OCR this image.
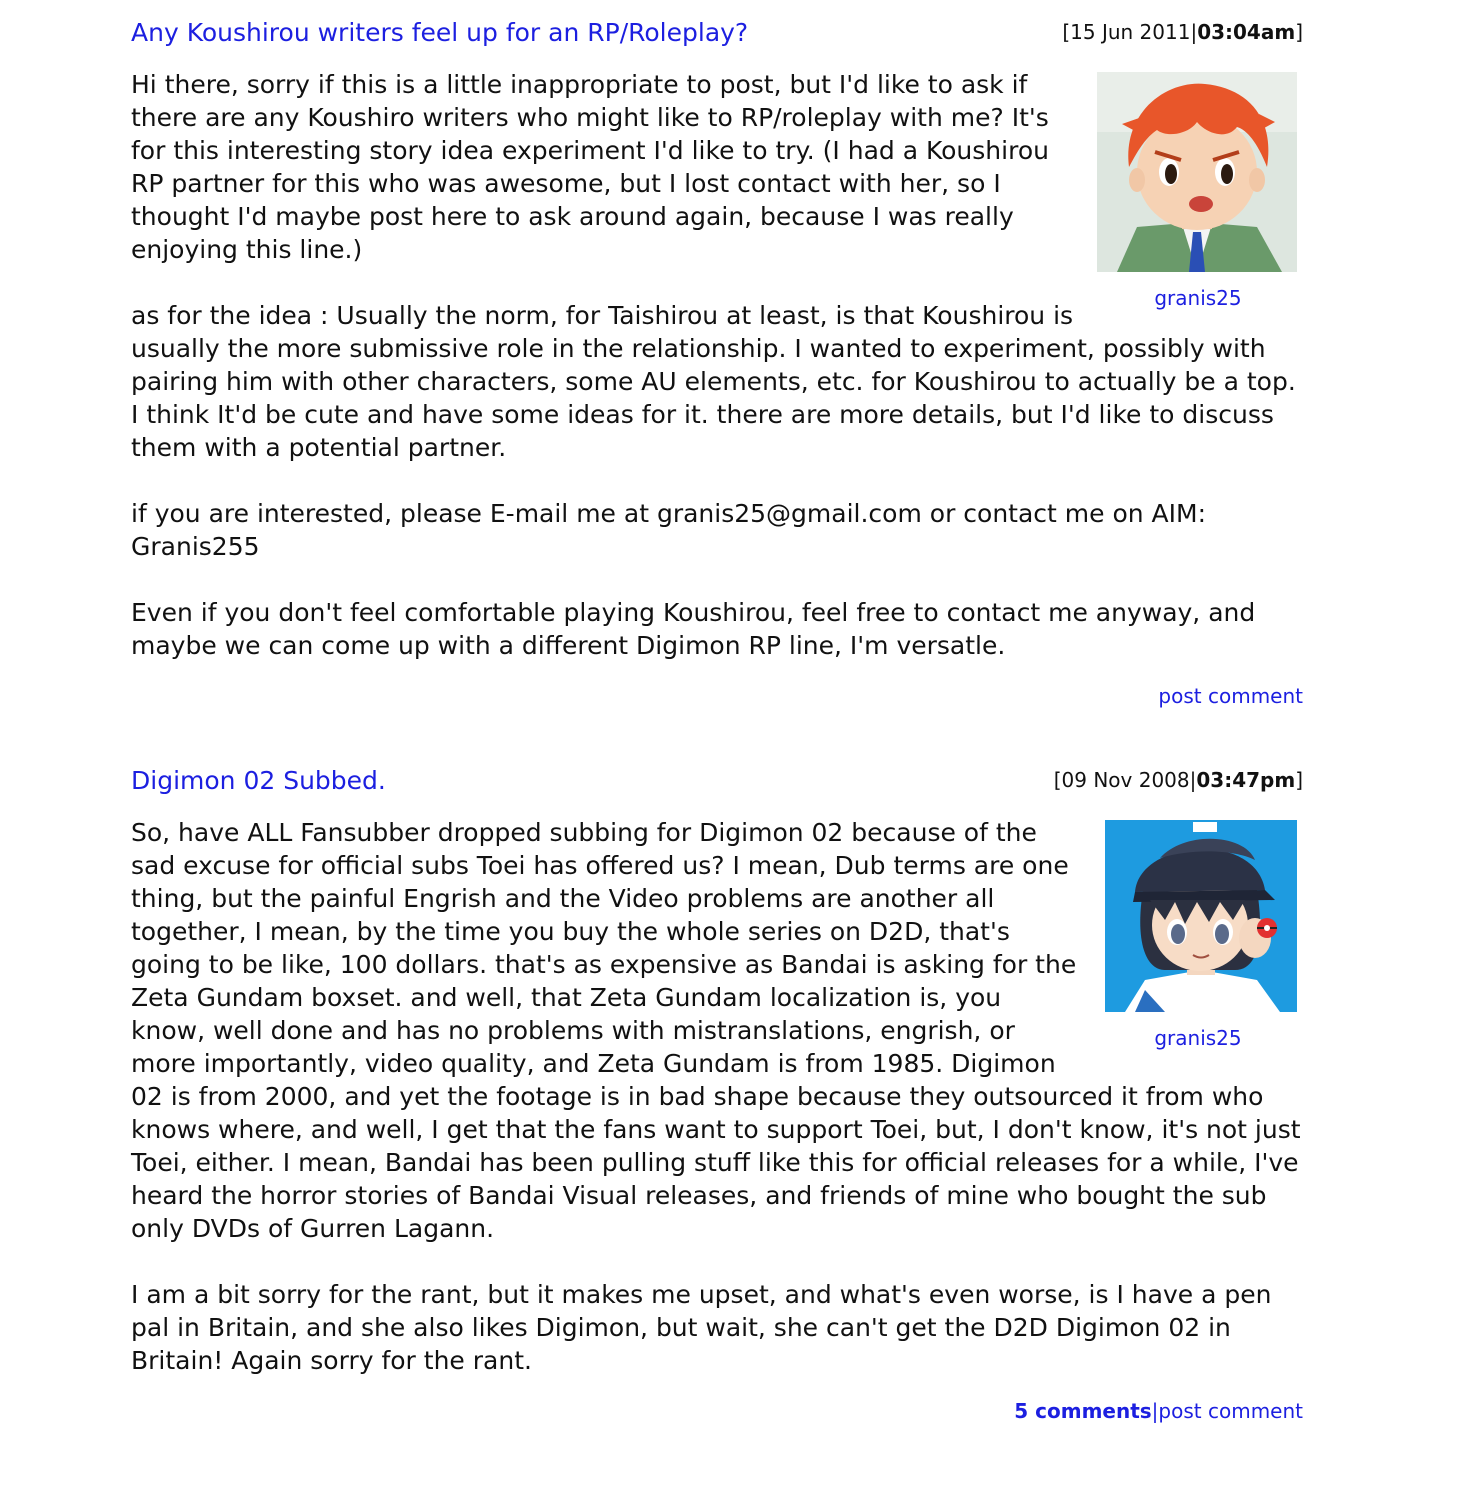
Any Koushirou writers feel up for an RP/Roleplay?	[15 Jun 2011|03:04am]
granis25

Hi there, sorry if this is a little inappropriate to post, but I'd like to ask if there are any Koushiro writers who might like to RP/roleplay with me? It's for this interesting story idea experiment I'd like to try. (I had a Koushirou RP partner for this who was awesome, but I lost contact with her, so I thought I'd maybe post here to ask around again, because I was really enjoying this line.)

as for the idea : Usually the norm, for Taishirou at least, is that Koushirou is usually the more submissive role in the relationship. I wanted to experiment, possibly with pairing him with other characters, some AU elements, etc. for Koushirou to actually be a top. I think It'd be cute and have some ideas for it. there are more details, but I'd like to discuss them with a potential partner.

if you are interested, please E-mail me at granis25@gmail.com or contact me on AIM: Granis255

Even if you don't feel comfortable playing Koushirou, feel free to contact me anyway, and maybe we can come up with a different Digimon RP line, I'm versatle.

post comment
Digimon 02 Subbed.	[09 Nov 2008|03:47pm]
granis25

So, have ALL Fansubber dropped subbing for Digimon 02 because of the sad excuse for official subs Toei has offered us? I mean, Dub terms are one thing, but the painful Engrish and the Video problems are another all together, I mean, by the time you buy the whole series on D2D, that's going to be like, 100 dollars. that's as expensive as Bandai is asking for the Zeta Gundam boxset. and well, that Zeta Gundam localization is, you know, well done and has no problems with mistranslations, engrish, or more importantly, video quality, and Zeta Gundam is from 1985. Digimon 02 is from 2000, and yet the footage is in bad shape because they outsourced it from who knows where, and well, I get that the fans want to support Toei, but, I don't know, it's not just Toei, either. I mean, Bandai has been pulling stuff like this for official releases for a while, I've heard the horror stories of Bandai Visual releases, and friends of mine who bought the sub only DVDs of Gurren Lagann.

I am a bit sorry for the rant, but it makes me upset, and what's even worse, is I have a pen pal in Britain, and she also likes Digimon, but wait, she can't get the D2D Digimon 02 in Britain! Again sorry for the rant.

5 comments|post comment
